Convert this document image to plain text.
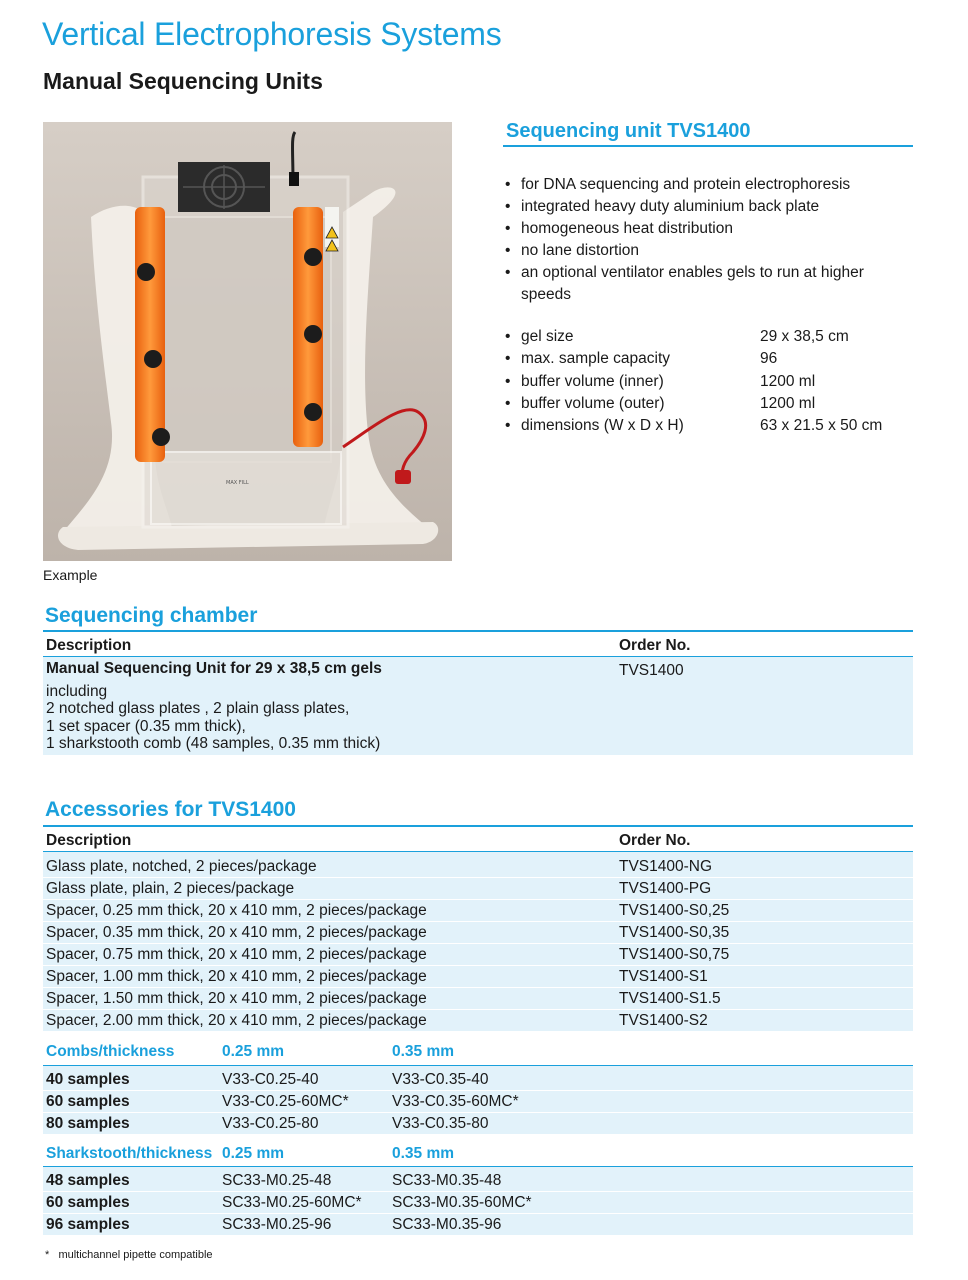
Vertical Electrophoresis Systems
Manual Sequencing Units
MAX FILL
Example
Sequencing unit TVS1400
• for DNA sequencing and protein electrophoresis
• integrated heavy duty aluminium back plate
• homogeneous heat distribution
• no lane distortion
• an optional ventilator enables gels to run at higher speeds
• gel size	29 x 38,5 cm
• max. sample capacity	96
• buffer volume (inner)	1200 ml
• buffer volume (outer)	1200 ml
• dimensions (W x D x H)	63 x 21.5 x 50 cm
Sequencing chamber
Description	Order No.
Manual Sequencing Unit for 29 x 38,5 cm gels
including
2 notched glass plates , 2 plain glass plates,
1 set spacer (0.35 mm thick),
1 sharkstooth comb (48 samples, 0.35 mm thick)
TVS1400
Accessories for TVS1400
Description	Order No.
Glass plate, notched, 2 pieces/package	TVS1400-NG
Glass plate, plain, 2 pieces/package	TVS1400-PG
Spacer, 0.25 mm thick, 20 x 410 mm, 2 pieces/package	TVS1400-S0,25
Spacer, 0.35 mm thick, 20 x 410 mm, 2 pieces/package	TVS1400-S0,35
Spacer, 0.75 mm thick, 20 x 410 mm, 2 pieces/package	TVS1400-S0,75
Spacer, 1.00 mm thick, 20 x 410 mm, 2 pieces/package	TVS1400-S1
Spacer, 1.50 mm thick, 20 x 410 mm, 2 pieces/package	TVS1400-S1.5
Spacer, 2.00 mm thick, 20 x 410 mm, 2 pieces/package	TVS1400-S2
Combs/thickness	0.25 mm	0.35 mm
40 samples	V33-C0.25-40	V33-C0.35-40
60 samples	V33-C0.25-60MC*	V33-C0.35-60MC*
80 samples	V33-C0.25-80	V33-C0.35-80
Sharkstooth/thickness 0.25 mm	0.35 mm
48 samples	SC33-M0.25-48	SC33-M0.35-48
60 samples	SC33-M0.25-60MC* SC33-M0.35-60MC*
96 samples	SC33-M0.25-96	SC33-M0.35-96
* multichannel pipette compatible
